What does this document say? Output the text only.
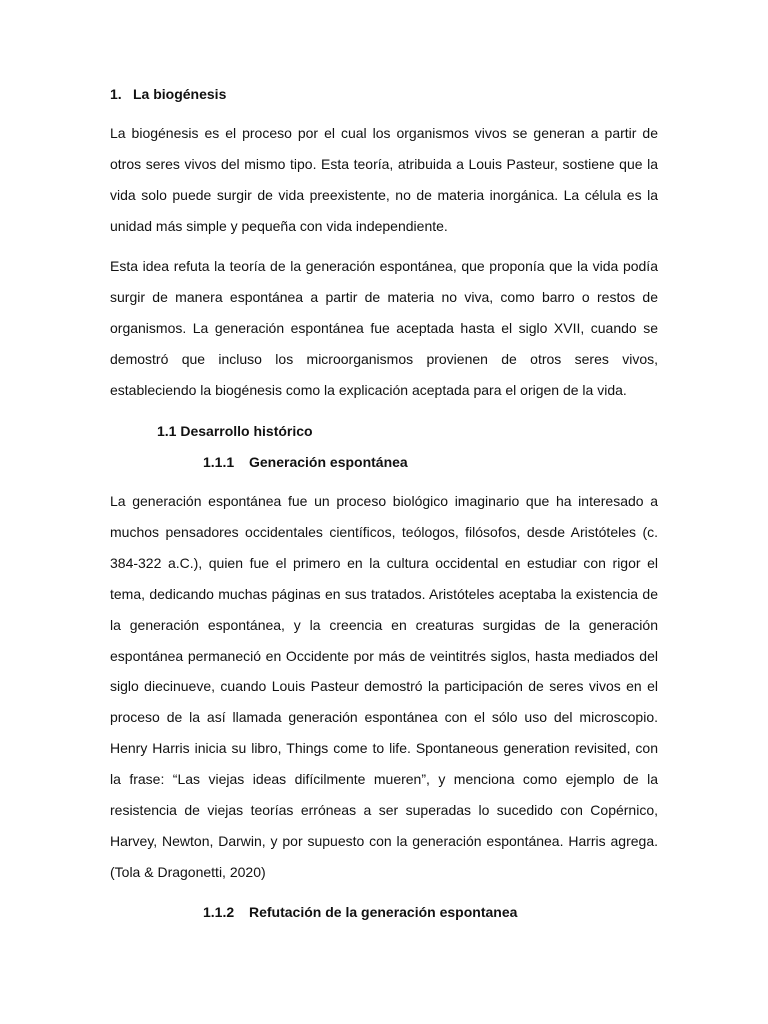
1. La biogénesis

La biogénesis es el proceso por el cual los organismos vivos se generan a partir de otros seres vivos del mismo tipo. Esta teoría, atribuida a Louis Pasteur, sostiene que la vida solo puede surgir de vida preexistente, no de materia inorgánica. La célula es la unidad más simple y pequeña con vida independiente.

Esta idea refuta la teoría de la generación espontánea, que proponía que la vida podía surgir de manera espontánea a partir de materia no viva, como barro o restos de organismos. La generación espontánea fue aceptada hasta el siglo XVII, cuando se demostró que incluso los microorganismos provienen de otros seres vivos, estableciendo la biogénesis como la explicación aceptada para el origen de la vida.

1.1 Desarrollo histórico
1.1.1 Generación espontánea

La generación espontánea fue un proceso biológico imaginario que ha interesado a muchos pensadores occidentales científicos, teólogos, filósofos, desde Aristóteles (c. 384-322 a.C.), quien fue el primero en la cultura occidental en estudiar con rigor el tema, dedicando muchas páginas en sus tratados. Aristóteles aceptaba la existencia de la generación espontánea, y la creencia en creaturas surgidas de la generación espontánea permaneció en Occidente por más de veintitrés siglos, hasta mediados del siglo diecinueve, cuando Louis Pasteur demostró la participación de seres vivos en el proceso de la así llamada generación espontánea con el sólo uso del microscopio. Henry Harris inicia su libro, Things come to life. Spontaneous generation revisited, con la frase: “Las viejas ideas difícilmente mueren”, y menciona como ejemplo de la resistencia de viejas teorías erróneas a ser superadas lo sucedido con Copérnico, Harvey, Newton, Darwin, y por supuesto con la generación espontánea. Harris agrega. (Tola & Dragonetti, 2020)

1.1.2 Refutación de la generación espontanea
